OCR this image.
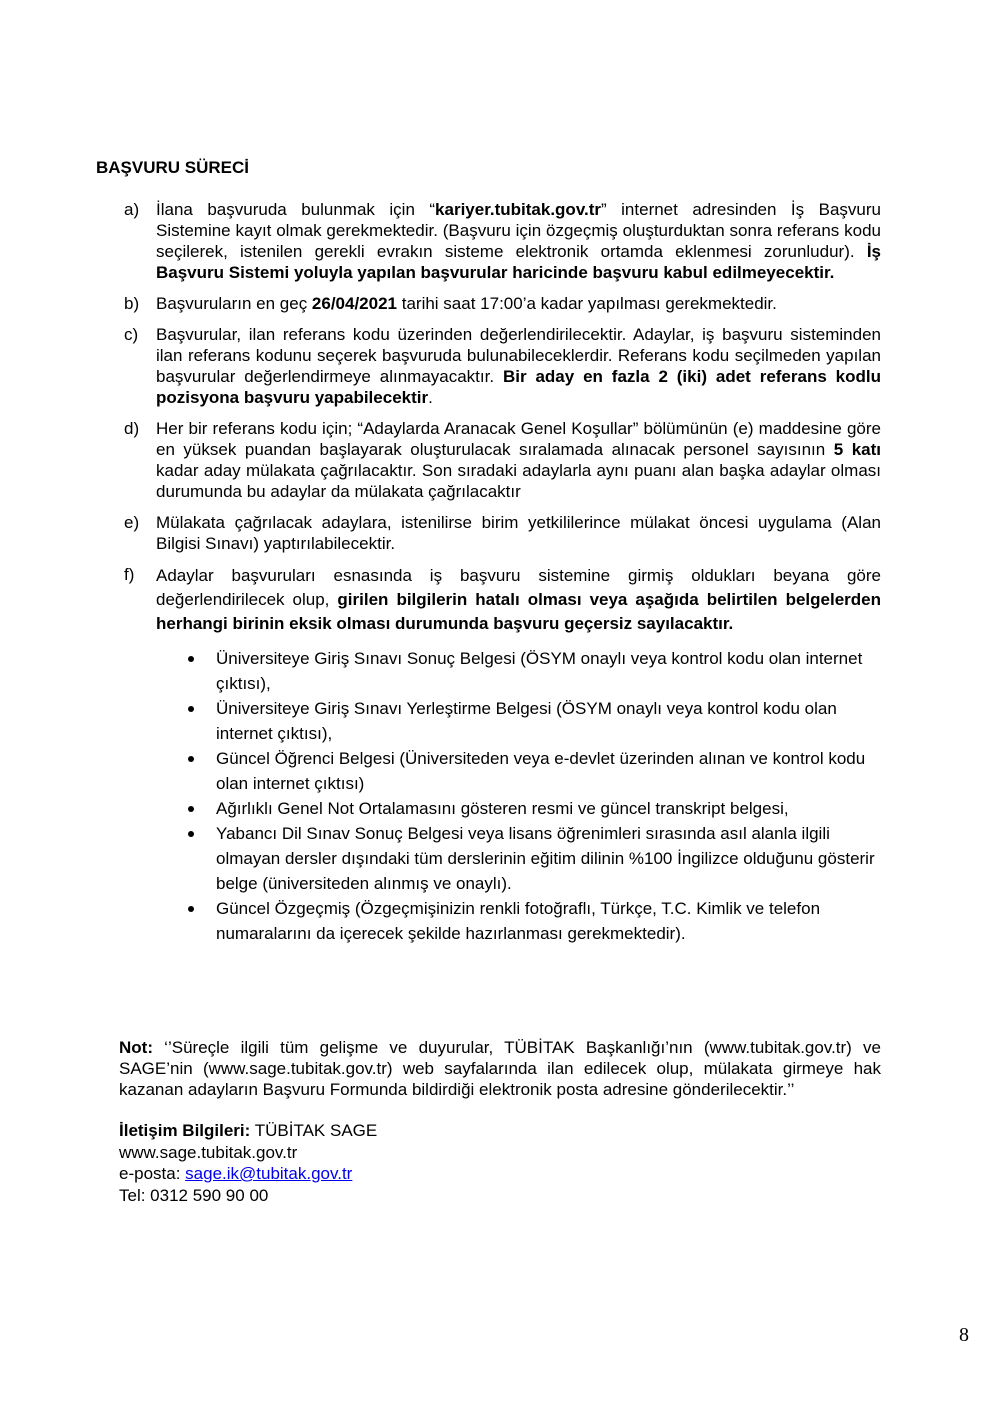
BAŞVURU SÜRECİ
a) İlana başvuruda bulunmak için “kariyer.tubitak.gov.tr” internet adresinden İş Başvuru Sistemine kayıt olmak gerekmektedir. (Başvuru için özgeçmiş oluşturduktan sonra referans kodu seçilerek, istenilen gerekli evrakın sisteme elektronik ortamda eklenmesi zorunludur). İş Başvuru Sistemi yoluyla yapılan başvurular haricinde başvuru kabul edilmeyecektir.
b) Başvuruların en geç 26/04/2021 tarihi saat 17:00’a kadar yapılması gerekmektedir.
c)	Başvurular, ilan referans kodu üzerinden değerlendirilecektir. Adaylar, iş başvuru sisteminden ilan referans kodunu seçerek başvuruda bulunabileceklerdir. Referans kodu seçilmeden yapılan başvurular değerlendirmeye alınmayacaktır. Bir aday en fazla 2 (iki) adet referans kodlu pozisyona başvuru yapabilecektir.
d) Her bir referans kodu için; “Adaylarda Aranacak Genel Koşullar” bölümünün (e) maddesine göre en yüksek puandan başlayarak oluşturulacak sıralamada alınacak personel sayısının 5 katı kadar aday mülakata çağrılacaktır. Son sıradaki adaylarla aynı puanı alan başka adaylar olması durumunda bu adaylar da mülakata çağrılacaktır
e) Mülakata çağrılacak adaylara, istenilirse birim yetkililerince mülakat öncesi uygulama (Alan Bilgisi Sınavı) yaptırılabilecektir.
f)	Adaylar başvuruları esnasında iş başvuru sistemine girmiş oldukları beyana göre değerlendirilecek olup, girilen bilgilerin hatalı olması veya aşağıda belirtilen belgelerden herhangi birinin eksik olması durumunda başvuru geçersiz sayılacaktır.
Üniversiteye Giriş Sınavı Sonuç Belgesi (ÖSYM onaylı veya kontrol kodu olan internet çıktısı),
Üniversiteye Giriş Sınavı Yerleştirme Belgesi (ÖSYM onaylı veya kontrol kodu olan internet çıktısı),
Güncel Öğrenci Belgesi (Üniversiteden veya e-devlet üzerinden alınan ve kontrol kodu olan internet çıktısı)
Ağırlıklı Genel Not Ortalamasını gösteren resmi ve güncel transkript belgesi,
Yabancı Dil Sınav Sonuç Belgesi veya lisans öğrenimleri sırasında asıl alanla ilgili olmayan dersler dışındaki tüm derslerinin eğitim dilinin %100 İngilizce olduğunu gösterir belge (üniversiteden alınmış ve onaylı).
Güncel Özgeçmiş (Özgeçmişinizin renkli fotoğraflı, Türkçe, T.C. Kimlik ve telefon numaralarını da içerecek şekilde hazırlanması gerekmektedir).
Not: ‘’Süreçle ilgili tüm gelişme ve duyurular, TÜBİTAK Başkanlığı’nın (www.tubitak.gov.tr) ve SAGE’nin (www.sage.tubitak.gov.tr) web sayfalarında ilan edilecek olup, mülakata girmeye hak kazanan adayların Başvuru Formunda bildirdiği elektronik posta adresine gönderilecektir.’’
İletişim Bilgileri: TÜBİTAK SAGE
www.sage.tubitak.gov.tr
e-posta: sage.ik@tubitak.gov.tr
Tel: 0312 590 90 00
8
